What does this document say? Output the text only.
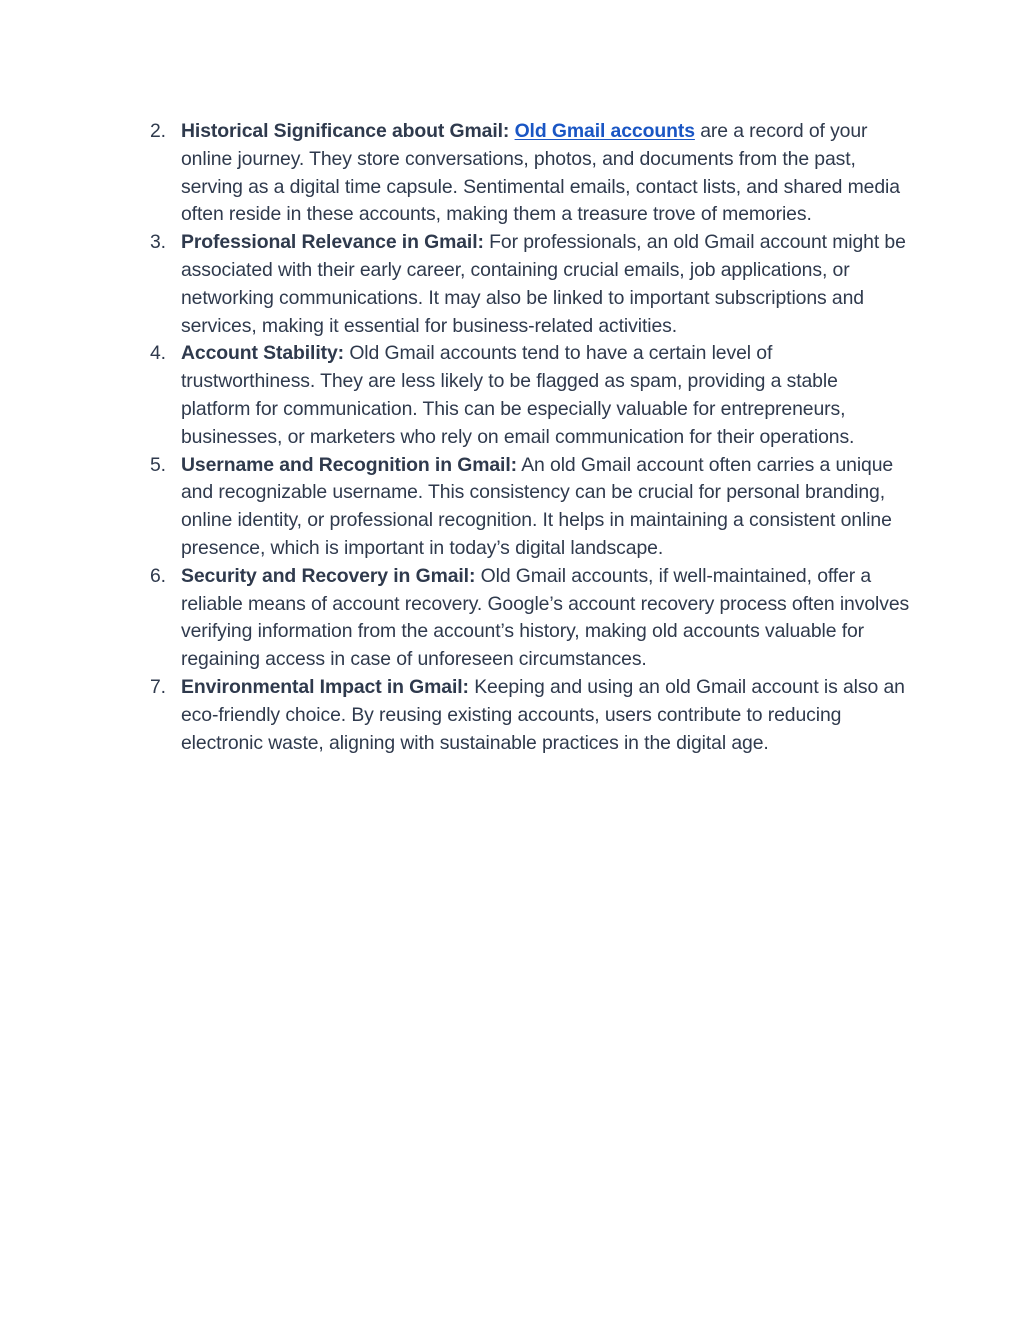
2. Historical Significance about Gmail: Old Gmail accounts are a record of your online journey. They store conversations, photos, and documents from the past, serving as a digital time capsule. Sentimental emails, contact lists, and shared media often reside in these accounts, making them a treasure trove of memories.
3. Professional Relevance in Gmail: For professionals, an old Gmail account might be associated with their early career, containing crucial emails, job applications, or networking communications. It may also be linked to important subscriptions and services, making it essential for business-related activities.
4. Account Stability: Old Gmail accounts tend to have a certain level of trustworthiness. They are less likely to be flagged as spam, providing a stable platform for communication. This can be especially valuable for entrepreneurs, businesses, or marketers who rely on email communication for their operations.
5. Username and Recognition in Gmail: An old Gmail account often carries a unique and recognizable username. This consistency can be crucial for personal branding, online identity, or professional recognition. It helps in maintaining a consistent online presence, which is important in today’s digital landscape.
6. Security and Recovery in Gmail: Old Gmail accounts, if well-maintained, offer a reliable means of account recovery. Google’s account recovery process often involves verifying information from the account’s history, making old accounts valuable for regaining access in case of unforeseen circumstances.
7. Environmental Impact in Gmail: Keeping and using an old Gmail account is also an eco-friendly choice. By reusing existing accounts, users contribute to reducing electronic waste, aligning with sustainable practices in the digital age.
